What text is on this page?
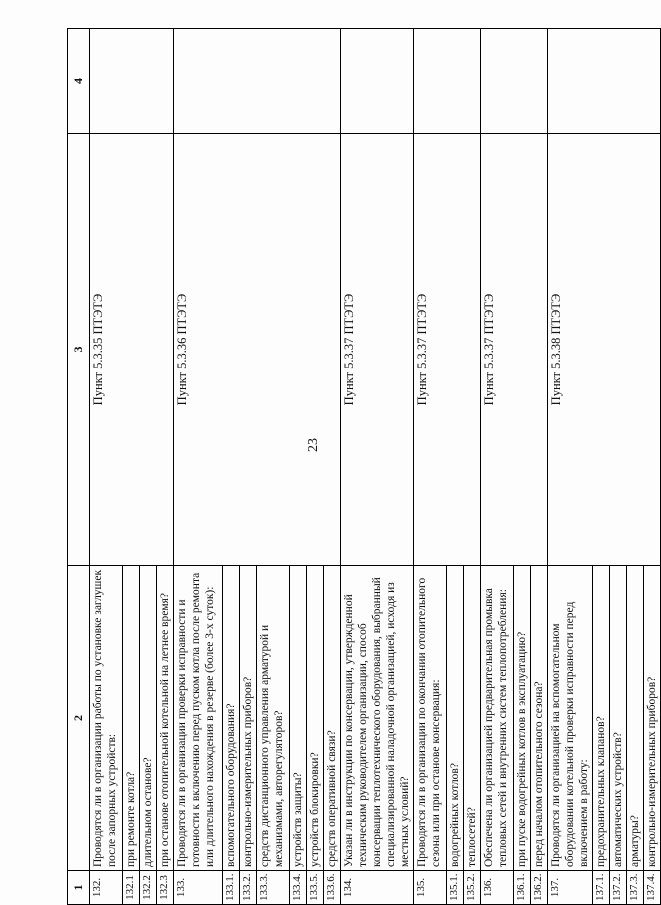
23
1	2	3	4
132.	Проводятся ли в организации работы по установке заглушек после запорных устройств:	Пункт 5.3.35 ПТЭТЭ	
132.1	при ремонте котла?		
132.2	длительном останове?		
132.3	при останове отопительной котельной на летнее время?		
133.	Проводятся ли в организации проверки исправности и готовности к включению перед пуском котла после ремонта или длительного нахождения в резерве (более 3-х суток):	Пункт 5.3.36 ПТЭТЭ	
133.1.	вспомогательного оборудования?		
133.2.	контрольно-измерительных приборов?		
133.3.	средств дистанционного управления арматурой и механизмами, авторегуляторов?		
133.4.	устройств защиты?		
133.5.	устройств блокировки?		
133.6.	средств оперативной связи?		
134.	Указан ли в инструкции по консервации, утвержденной техническим руководителем организации, способ консервации теплотехнического оборудования, выбранный специализированной наладочной организацией, исходя из местных условий?	Пункт 5.3.37 ПТЭТЭ	
135.	Проводятся ли в организации по окончании отопительного сезона или при останове консервация:	Пункт 5.3.37 ПТЭТЭ	
135.1.	водогрейных котлов?		
135.2.	теплосетей?		
136.	Обеспечена ли организацией предварительная промывка тепловых сетей и внутренних систем теплопотребления:	Пункт 5.3.37 ПТЭТЭ	
136.1.	при пуске водогрейных котлов в эксплуатацию?		
136.2.	перед началом отопительного сезона?		
137.	Проводятся ли организацией на вспомогательном оборудовании котельной проверки исправности перед включением в работу:	Пункт 5.3.38 ПТЭТЭ	
137.1.	предохранительных клапанов?		
137.2.	автоматических устройств?		
137.3.	арматуры?		
137.4.	контрольно-измерительных приборов?		
